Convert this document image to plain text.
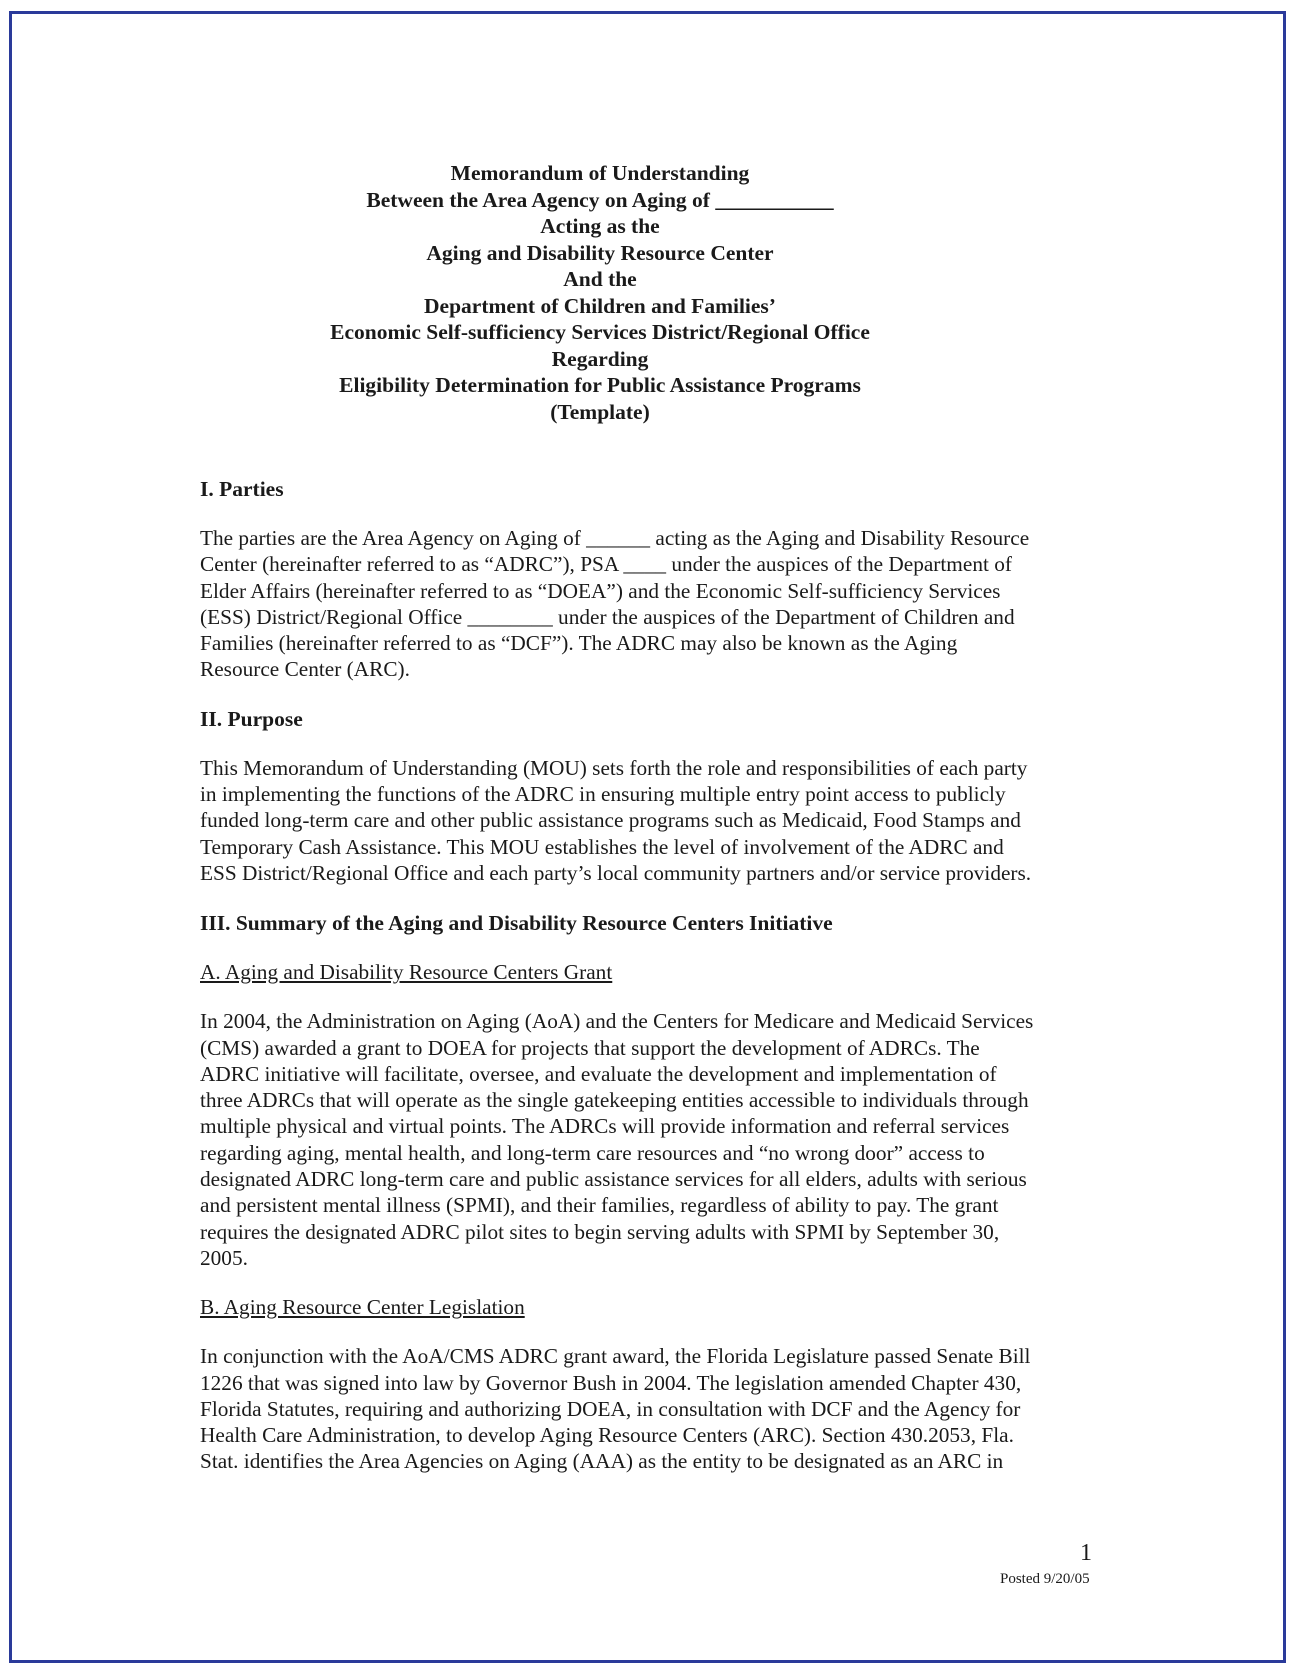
Memorandum of Understanding
Between the Area Agency on Aging of ___________
Acting as the
Aging and Disability Resource Center
And the
Department of Children and Families’
Economic Self-sufficiency Services District/Regional Office
Regarding
Eligibility Determination for Public Assistance Programs
(Template)
I. Parties

The parties are the Area Agency on Aging of ______ acting as the Aging and Disability Resource
Center (hereinafter referred to as “ADRC”), PSA ____ under the auspices of the Department of
Elder Affairs (hereinafter referred to as “DOEA”) and the Economic Self-sufficiency Services
(ESS) District/Regional Office ________ under the auspices of the Department of Children and
Families (hereinafter referred to as “DCF”). The ADRC may also be known as the Aging
Resource Center (ARC).

II. Purpose

This Memorandum of Understanding (MOU) sets forth the role and responsibilities of each party
in implementing the functions of the ADRC in ensuring multiple entry point access to publicly
funded long-term care and other public assistance programs such as Medicaid, Food Stamps and
Temporary Cash Assistance. This MOU establishes the level of involvement of the ADRC and
ESS District/Regional Office and each party’s local community partners and/or service providers.

III. Summary of the Aging and Disability Resource Centers Initiative

A. Aging and Disability Resource Centers Grant

In 2004, the Administration on Aging (AoA) and the Centers for Medicare and Medicaid Services
(CMS) awarded a grant to DOEA for projects that support the development of ADRCs. The
ADRC initiative will facilitate, oversee, and evaluate the development and implementation of
three ADRCs that will operate as the single gatekeeping entities accessible to individuals through
multiple physical and virtual points. The ADRCs will provide information and referral services
regarding aging, mental health, and long-term care resources and “no wrong door” access to
designated ADRC long-term care and public assistance services for all elders, adults with serious
and persistent mental illness (SPMI), and their families, regardless of ability to pay. The grant
requires the designated ADRC pilot sites to begin serving adults with SPMI by September 30,
2005.

B. Aging Resource Center Legislation

In conjunction with the AoA/CMS ADRC grant award, the Florida Legislature passed Senate Bill
1226 that was signed into law by Governor Bush in 2004. The legislation amended Chapter 430,
Florida Statutes, requiring and authorizing DOEA, in consultation with DCF and the Agency for
Health Care Administration, to develop Aging Resource Centers (ARC). Section 430.2053, Fla.
Stat. identifies the Area Agencies on Aging (AAA) as the entity to be designated as an ARC in

1
Posted 9/20/05
